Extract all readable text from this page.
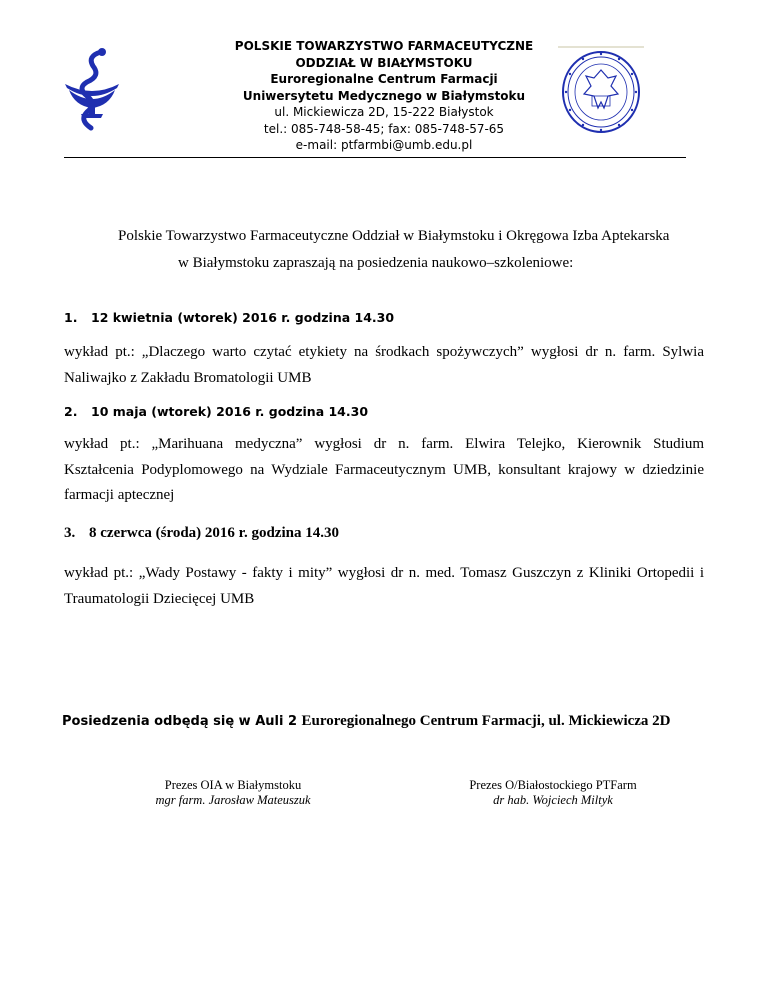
POLSKIE TOWARZYSTWO FARMACEUTYCZNE
ODDZIAŁ W BIAŁYMSTOKU
Euroregionalne Centrum Farmacji
Uniwersytetu Medycznego w Białymstoku
ul. Mickiewicza 2D, 15-222 Białystok
tel.: 085-748-58-45; fax: 085-748-57-65
e-mail: ptfarmbi@umb.edu.pl
Polskie Towarzystwo Farmaceutyczne Oddział w Białymstoku i Okręgowa Izba Aptekarska
w Białymstoku zapraszają na posiedzenia naukowo–szkoleniowe:
1. 12 kwietnia (wtorek) 2016 r. godzina 14.30
wykład pt.: „Dlaczego warto czytać etykiety na środkach spożywczych” wygłosi dr n. farm. Sylwia
Naliwajko z Zakładu Bromatologii UMB
2. 10 maja (wtorek) 2016 r. godzina 14.30
wykład pt.: „Marihuana medyczna” wygłosi dr n. farm. Elwira Telejko, Kierownik Studium
Kształcenia Podyplomowego na Wydziale Farmaceutycznym UMB, konsultant krajowy w dziedzinie
farmacji aptecznej
3. 8 czerwca (środa) 2016 r. godzina 14.30
wykład pt.: „Wady Postawy - fakty i mity” wygłosi dr n. med. Tomasz Guszczyn z Kliniki Ortopedii i
Traumatologii Dziecięcej UMB
Posiedzenia odbędą się w Auli 2 Euroregionalnego Centrum Farmacji, ul. Mickiewicza 2D
Prezes OIA w Białymstoku
mgr farm. Jarosław Mateuszuk
Prezes O/Białostockiego PTFarm
dr hab. Wojciech Miltyk
